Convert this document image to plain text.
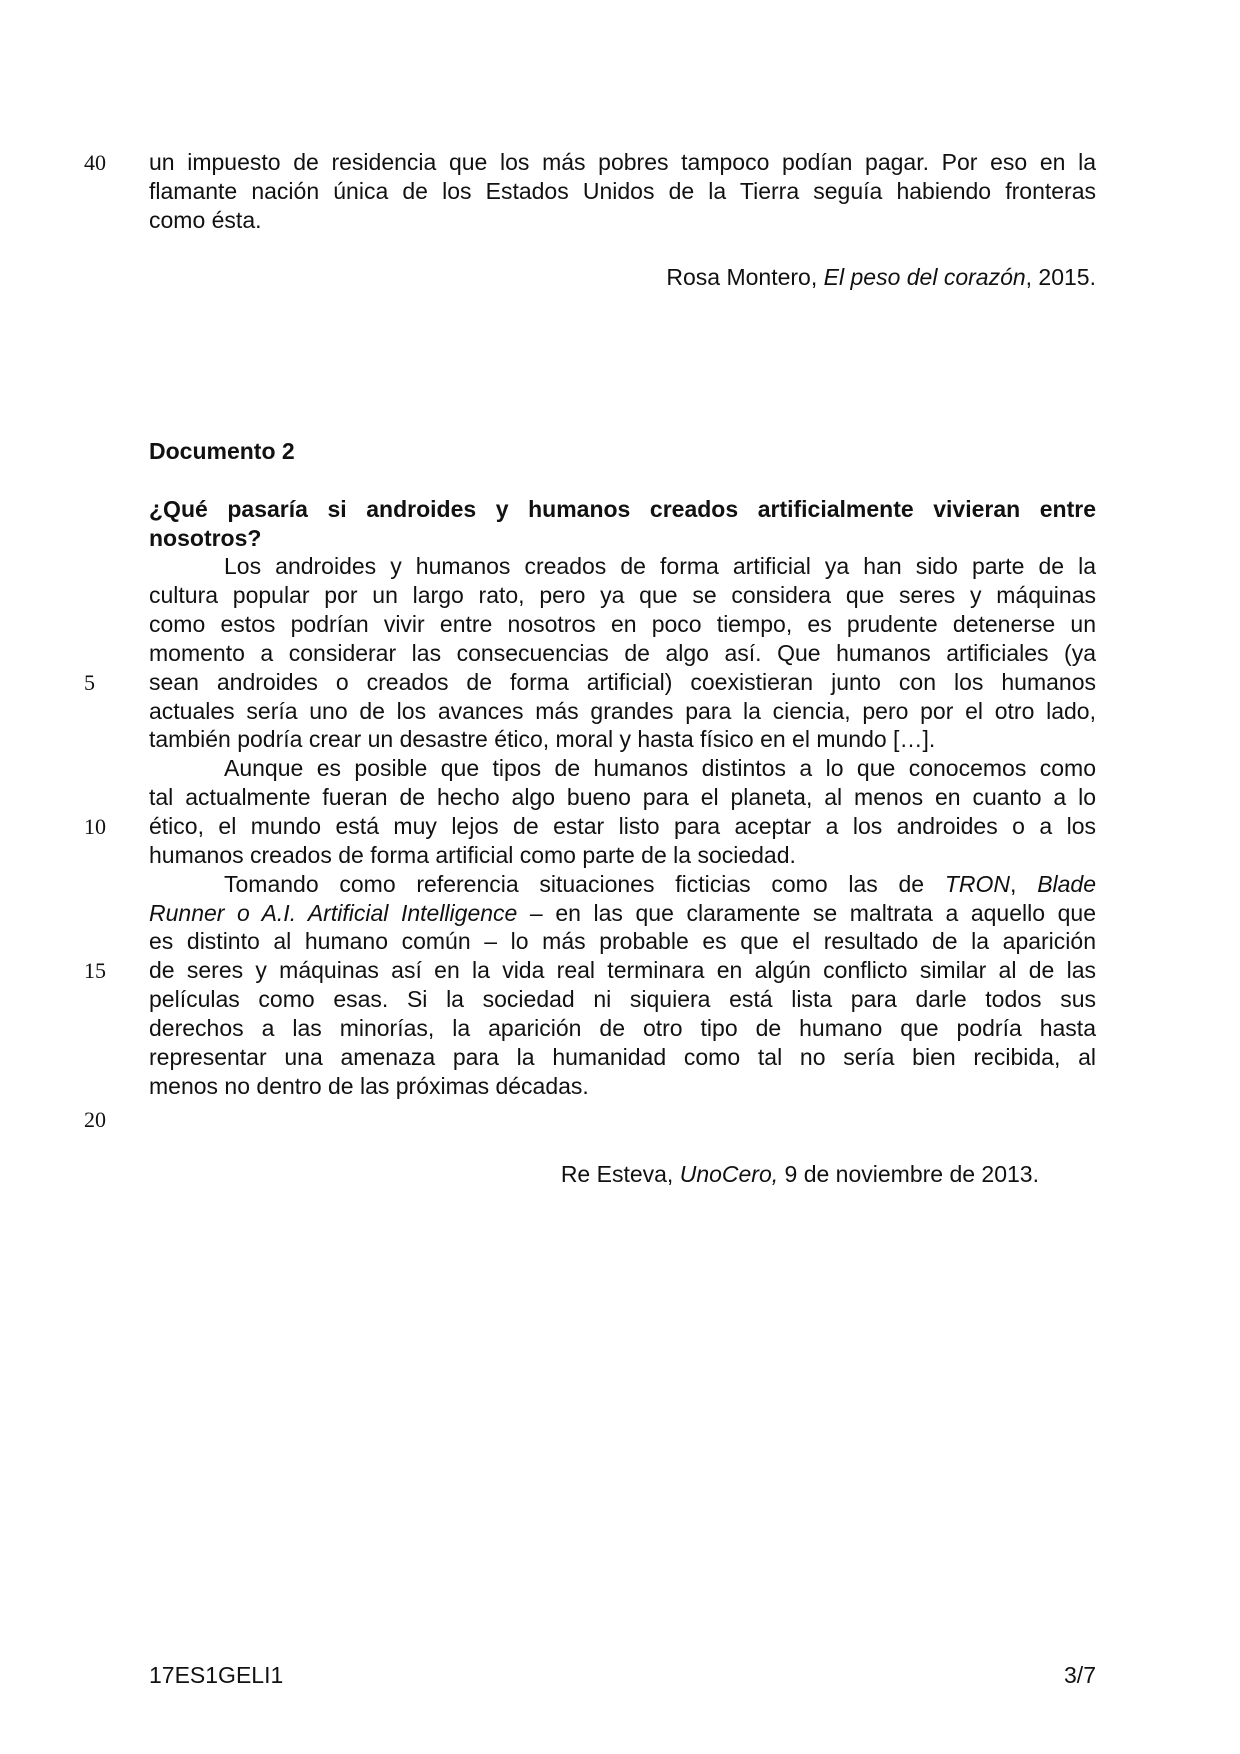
40	un impuesto de residencia que los más pobres tampoco podían pagar. Por eso en la
flamante nación única de los Estados Unidos de la Tierra seguía habiendo fronteras
como ésta.
Rosa Montero, El peso del corazón, 2015.
Documento 2
¿Qué pasaría si androides y humanos creados artificialmente vivieran entre
nosotros?
Los androides y humanos creados de forma artificial ya han sido parte de la
cultura popular por un largo rato, pero ya que se considera que seres y máquinas
como estos podrían vivir entre nosotros en poco tiempo, es prudente detenerse un
momento a considerar las consecuencias de algo así. Que humanos artificiales (ya
5	sean androides o creados de forma artificial) coexistieran junto con los humanos
actuales sería uno de los avances más grandes para la ciencia, pero por el otro lado,
también podría crear un desastre ético, moral y hasta físico en el mundo […].
Aunque es posible que tipos de humanos distintos a lo que conocemos como
tal actualmente fueran de hecho algo bueno para el planeta, al menos en cuanto a lo
10	ético, el mundo está muy lejos de estar listo para aceptar a los androides o a los
humanos creados de forma artificial como parte de la sociedad.
Tomando como referencia situaciones ficticias como las de TRON, Blade
Runner o A.I. Artificial Intelligence – en las que claramente se maltrata a aquello que
es distinto al humano común – lo más probable es que el resultado de la aparición
15	de seres y máquinas así en la vida real terminara en algún conflicto similar al de las
películas como esas. Si la sociedad ni siquiera está lista para darle todos sus
derechos a las minorías, la aparición de otro tipo de humano que podría hasta
representar una amenaza para la humanidad como tal no sería bien recibida, al
menos no dentro de las próximas décadas.
20
Re Esteva, UnoCero, 9 de noviembre de 2013.
17ES1GELI1	3/7
